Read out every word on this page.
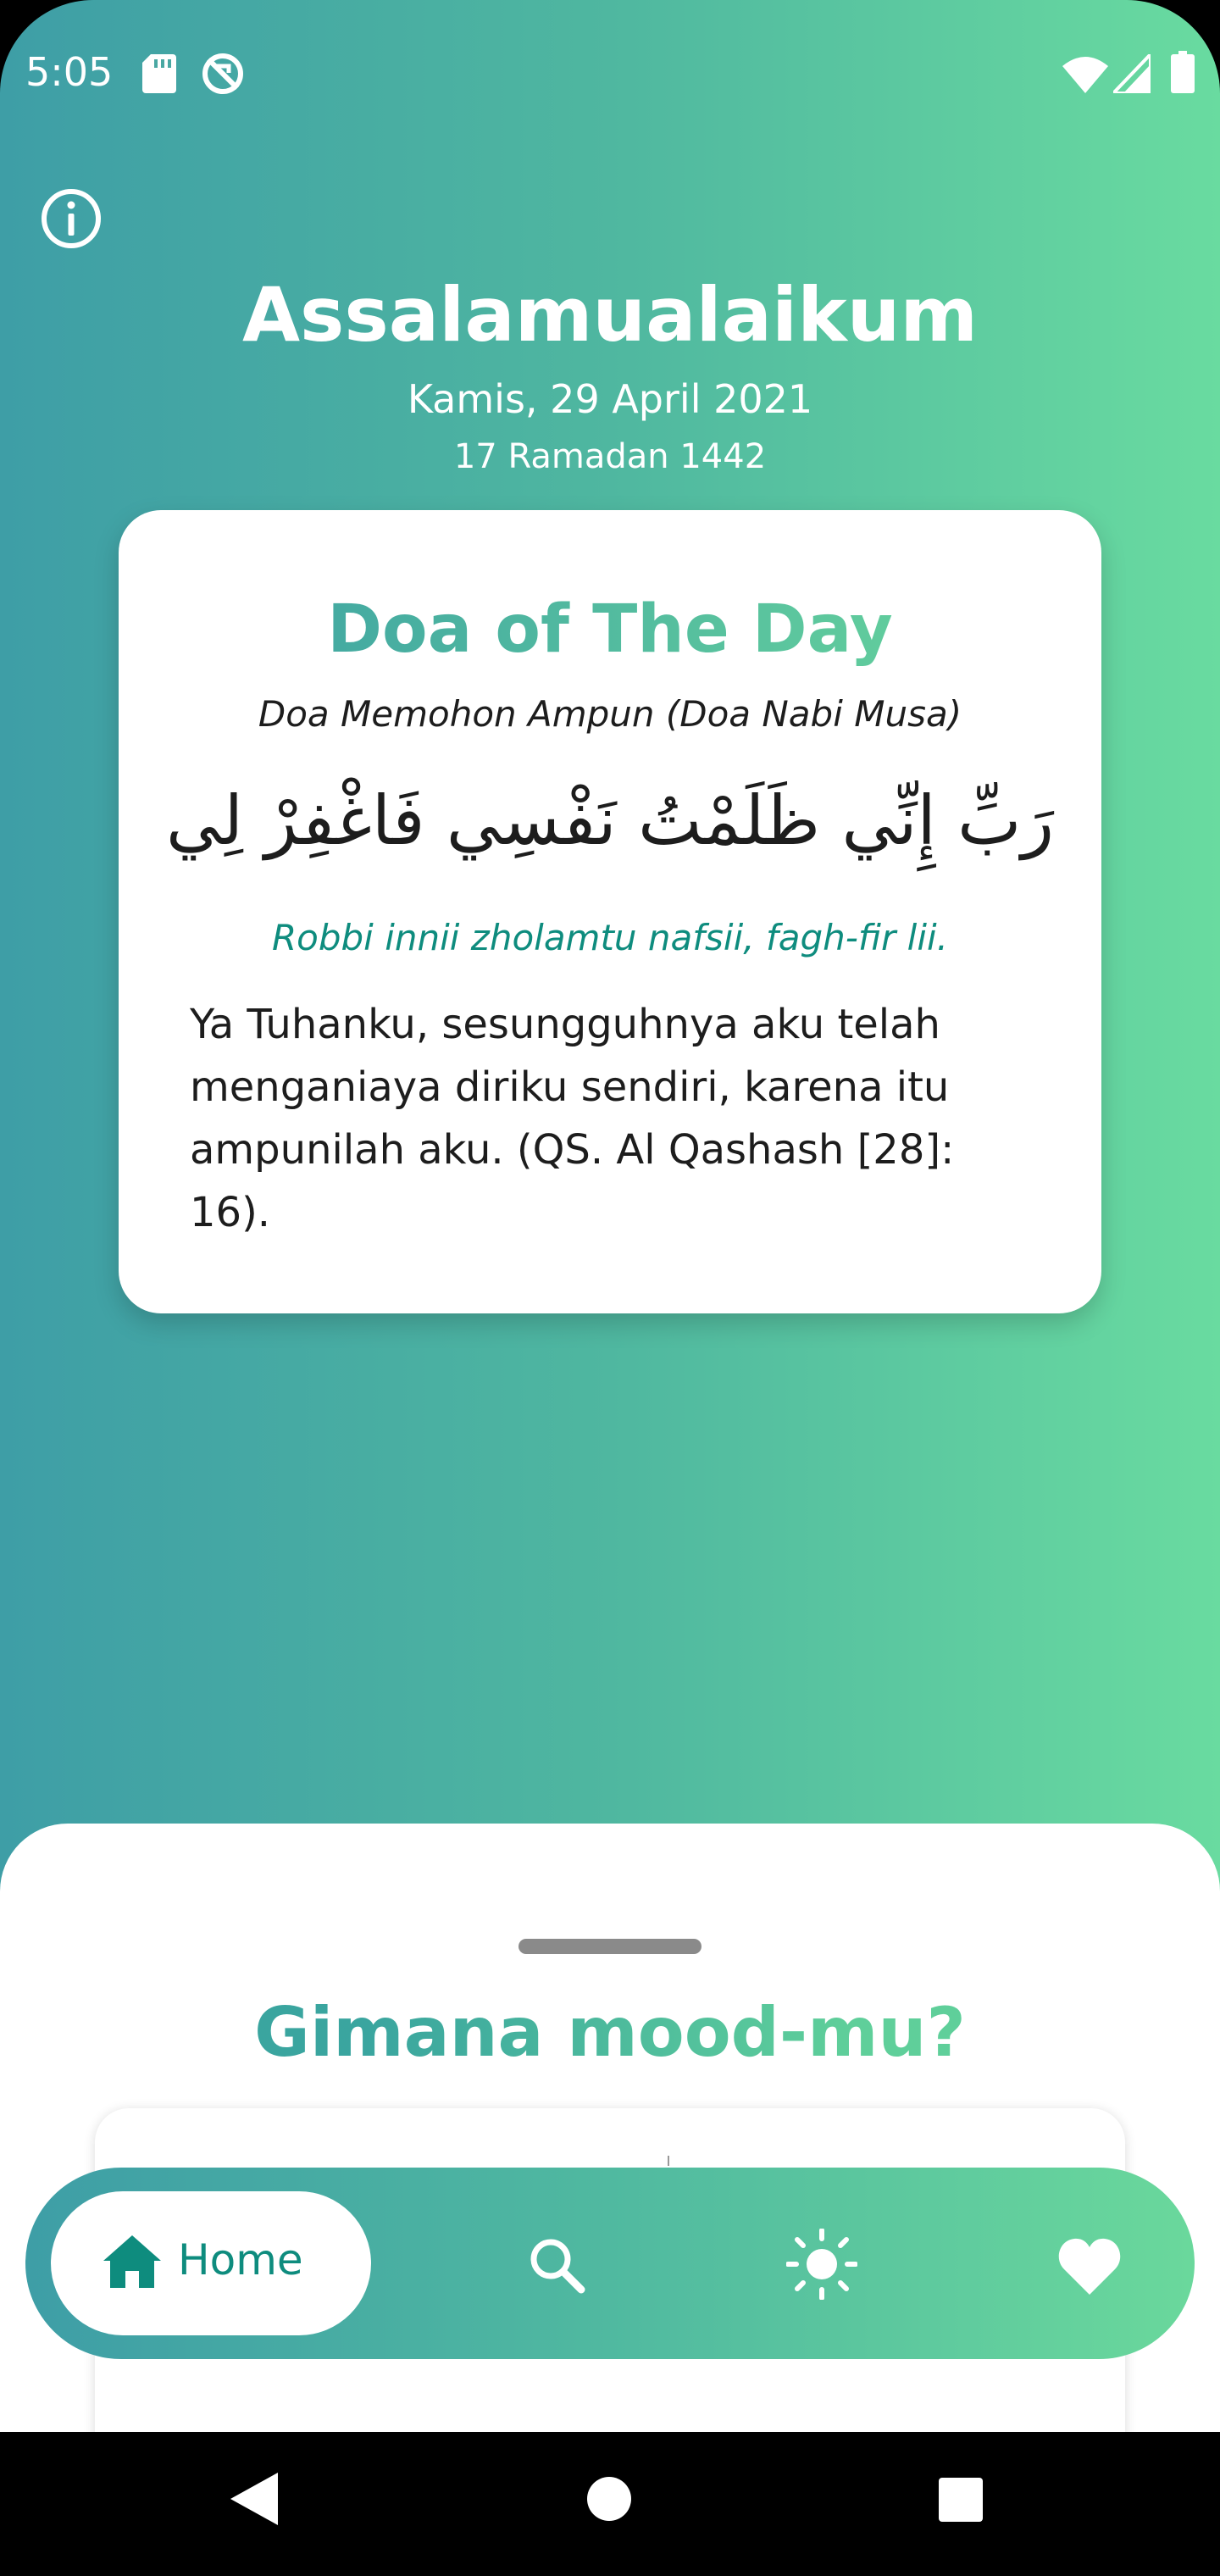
5:05
Assalamualaikum
Kamis, 29 April 2021
17 Ramadan 1442
Doa of The Day
Doa Memohon Ampun (Doa Nabi Musa)
رَبِّ إِنِّي ظَلَمْتُ نَفْسِي فَاغْفِرْ لِي
Robbi innii zholamtu nafsii, fagh-fir lii.
Ya Tuhanku, sesungguhnya aku telah menganiaya diriku sendiri, karena itu ampunilah aku. (QS. Al Qashash [28]: 16).
Gimana mood-mu?
Home
